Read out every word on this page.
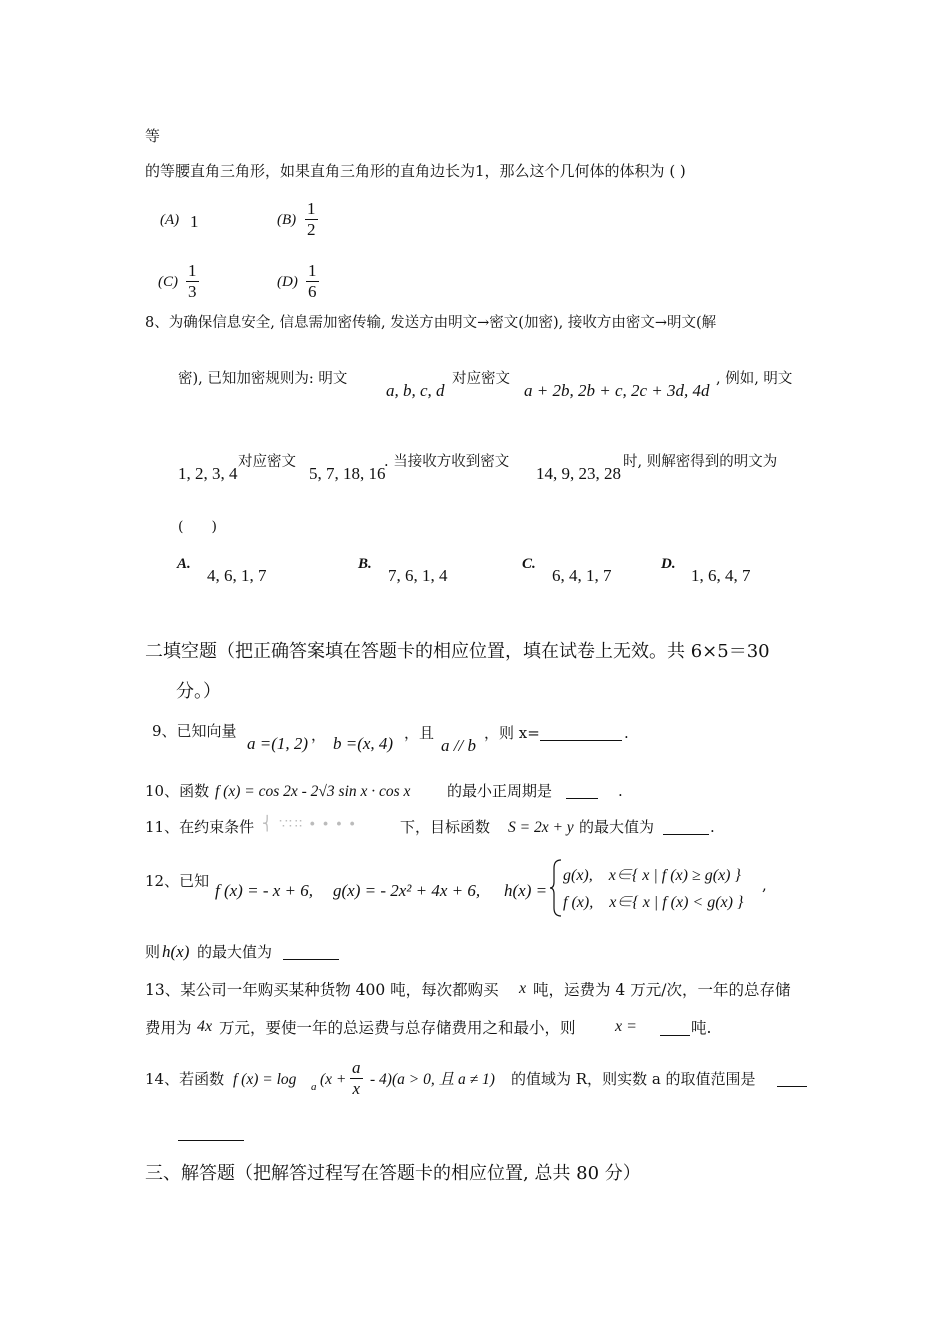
等
的等腰直角三角形，如果直角三角形的直角边长为1，那么这个几何体的体积为 ( )
(A) 1	$(B) \frac{1}{2}$
$(C) \frac{1}{3}$	$(D) \frac{1}{6}$
8、为确保信息安全, 信息需加密传输, 发送方由明文→密文(加密), 接收方由密文→明文(解
密), 已知加密规则为: 明文
a, b, c, d
对应密文
a + 2b, 2b + c, 2c + 3d, 4d
, 例如, 明文
1, 2, 3, 4
对应密文
5, 7, 18, 16
. 当接收方收到密文
14, 9, 23, 28
时, 则解密得到的明文为
(　　)
A.
4, 6, 1, 7
B.
7, 6, 1, 4
C.
6, 4, 1, 7
D.
1, 6, 4, 7
二填空题（把正确答案填在答题卡的相应位置，填在试卷上无效。共 6×5＝30
分。）
9、已知向量
a =(1, 2) ， b =(x, 4)
，且
a // b
，则 x=	.
10、函数 f (x) = cos 2x - 2√3 sin x · cos x 的最小正周期是	.
11、在约束条件 ⎨ ∵∷∶ ∙ ∙ ∙ ∙	下，目标函数 S = 2x + y 的最大值为	.
12、已知 f (x) = - x + 6, g(x) = - 2x² + 4x + 6, h(x) =
g(x),　x∈{ x | f (x) ≥ g(x) }
f (x),　x∈{ x | f (x) < g(x) }
,
则 h(x) 的最大值为
13、某公司一年购买某种货物 400 吨，每次都购买 x 吨，运费为 4 万元/次，一年的总存储
费用为 4x 万元，要使一年的总运费与总存储费用之和最小，则 x =	吨.
14、若函数 f (x) = log a $(x + \frac{a}{x} - 4)(a > 0$, 且 a ≠ 1) 的值域为 R，则实数 a 的取值范围是
三、解答题（把解答过程写在答题卡的相应位置, 总共 80 分）
